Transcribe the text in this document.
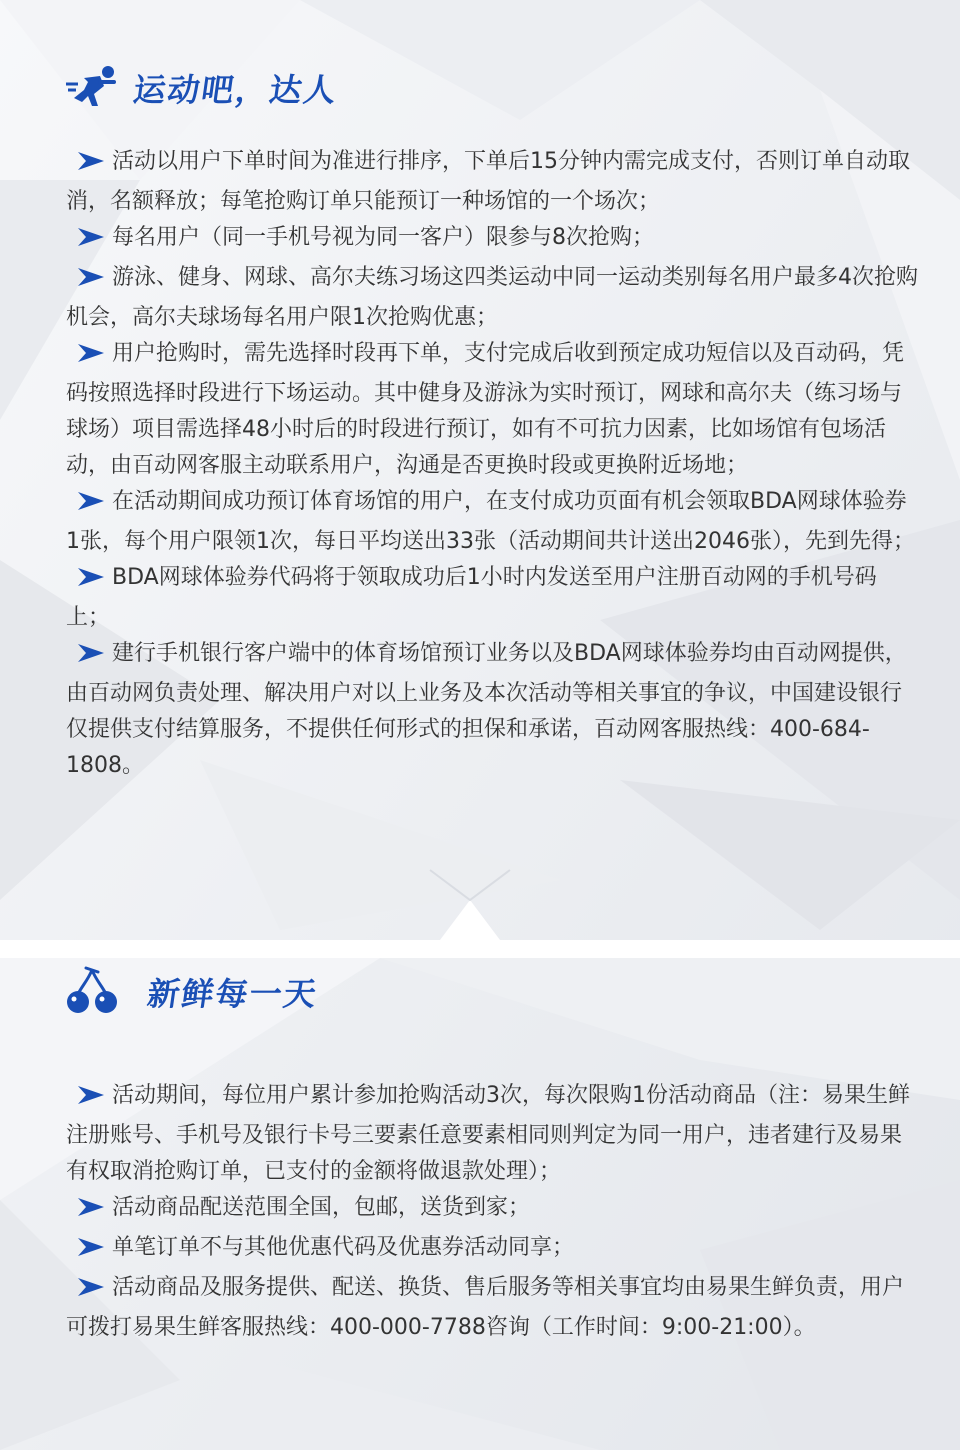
运动吧，达人

活动以用户下单时间为准进行排序，下单后15分钟内需完成支付，否则订单自动取消，名额释放；每笔抢购订单只能预订一种场馆的一个场次；

每名用户（同一手机号视为同一客户）限参与8次抢购；

游泳、健身、网球、高尔夫练习场这四类运动中同一运动类别每名用户最多4次抢购机会，高尔夫球场每名用户限1次抢购优惠；

用户抢购时，需先选择时段再下单，支付完成后收到预定成功短信以及百动码，凭码按照选择时段进行下场运动。其中健身及游泳为实时预订，网球和高尔夫（练习场与球场）项目需选择48小时后的时段进行预订，如有不可抗力因素，比如场馆有包场活动，由百动网客服主动联系用户，沟通是否更换时段或更换附近场地；

在活动期间成功预订体育场馆的用户，在支付成功页面有机会领取BDA网球体验券1张，每个用户限领1次，每日平均送出33张（活动期间共计送出2046张），先到先得；

BDA网球体验券代码将于领取成功后1小时内发送至用户注册百动网的手机号码上；

建行手机银行客户端中的体育场馆预订业务以及BDA网球体验券均由百动网提供，由百动网负责处理、解决用户对以上业务及本次活动等相关事宜的争议，中国建设银行仅提供支付结算服务，不提供任何形式的担保和承诺，百动网客服热线：400-684-1808。

新鲜每一天

活动期间，每位用户累计参加抢购活动3次，每次限购1份活动商品（注：易果生鲜注册账号、手机号及银行卡号三要素任意要素相同则判定为同一用户，违者建行及易果有权取消抢购订单，已支付的金额将做退款处理）；

活动商品配送范围全国，包邮，送货到家；

单笔订单不与其他优惠代码及优惠券活动同享；

活动商品及服务提供、配送、换货、售后服务等相关事宜均由易果生鲜负责，用户可拨打易果生鲜客服热线：400-000-7788咨询（工作时间：9:00-21:00）。
